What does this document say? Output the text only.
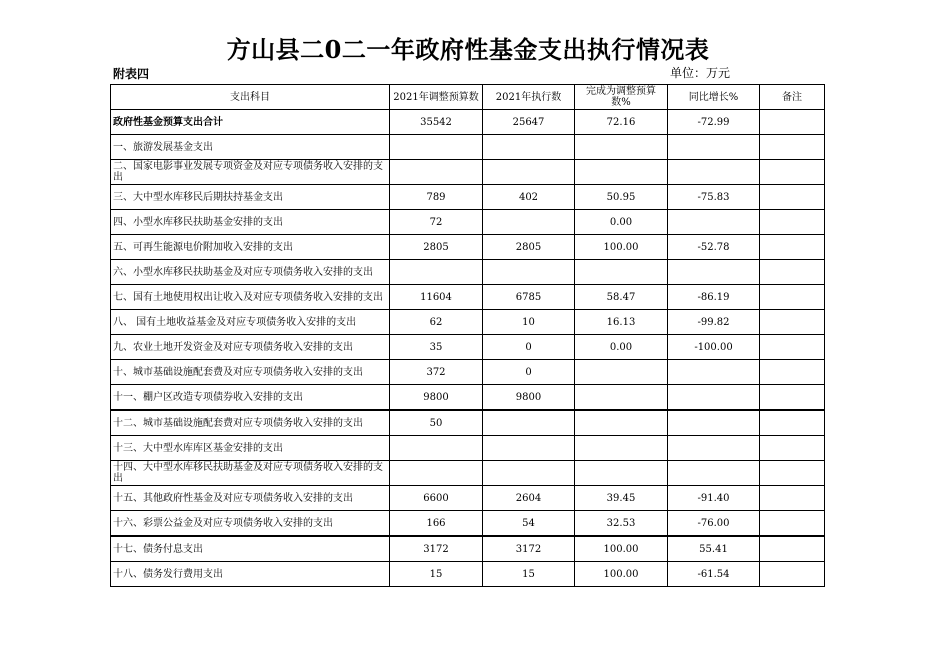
方山县二0二一年政府性基金支出执行情况表
附表四	单位：万元
支出科目	2021年调整预算数	2021年执行数	完成为调整预算数%	同比增长%	备注
政府性基金预算支出合计	35542	25647	72.16	-72.99	
一、旅游发展基金支出					
二、国家电影事业发展专项资金及对应专项债务收入安排的支出					
三、大中型水库移民后期扶持基金支出	789	402	50.95	-75.83	
四、小型水库移民扶助基金安排的支出	72		0.00		
五、可再生能源电价附加收入安排的支出	2805	2805	100.00	-52.78	
六、小型水库移民扶助基金及对应专项债务收入安排的支出					
七、国有土地使用权出让收入及对应专项债务收入安排的支出	11604	6785	58.47	-86.19	
八、 国有土地收益基金及对应专项债务收入安排的支出	62	10	16.13	-99.82	
九、农业土地开发资金及对应专项债务收入安排的支出	35	0	0.00	-100.00	
十、城市基础设施配套费及对应专项债务收入安排的支出	372	0			
十一、棚户区改造专项债券收入安排的支出	9800	9800			
十二、城市基础设施配套费对应专项债务收入安排的支出	50				
十三、大中型水库库区基金安排的支出					
十四、大中型水库移民扶助基金及对应专项债务收入安排的支出					
十五、其他政府性基金及对应专项债务收入安排的支出	6600	2604	39.45	-91.40	
十六、彩票公益金及对应专项债务收入安排的支出	166	54	32.53	-76.00	
十七、债务付息支出	3172	3172	100.00	55.41	
十八、债务发行费用支出	15	15	100.00	-61.54	
